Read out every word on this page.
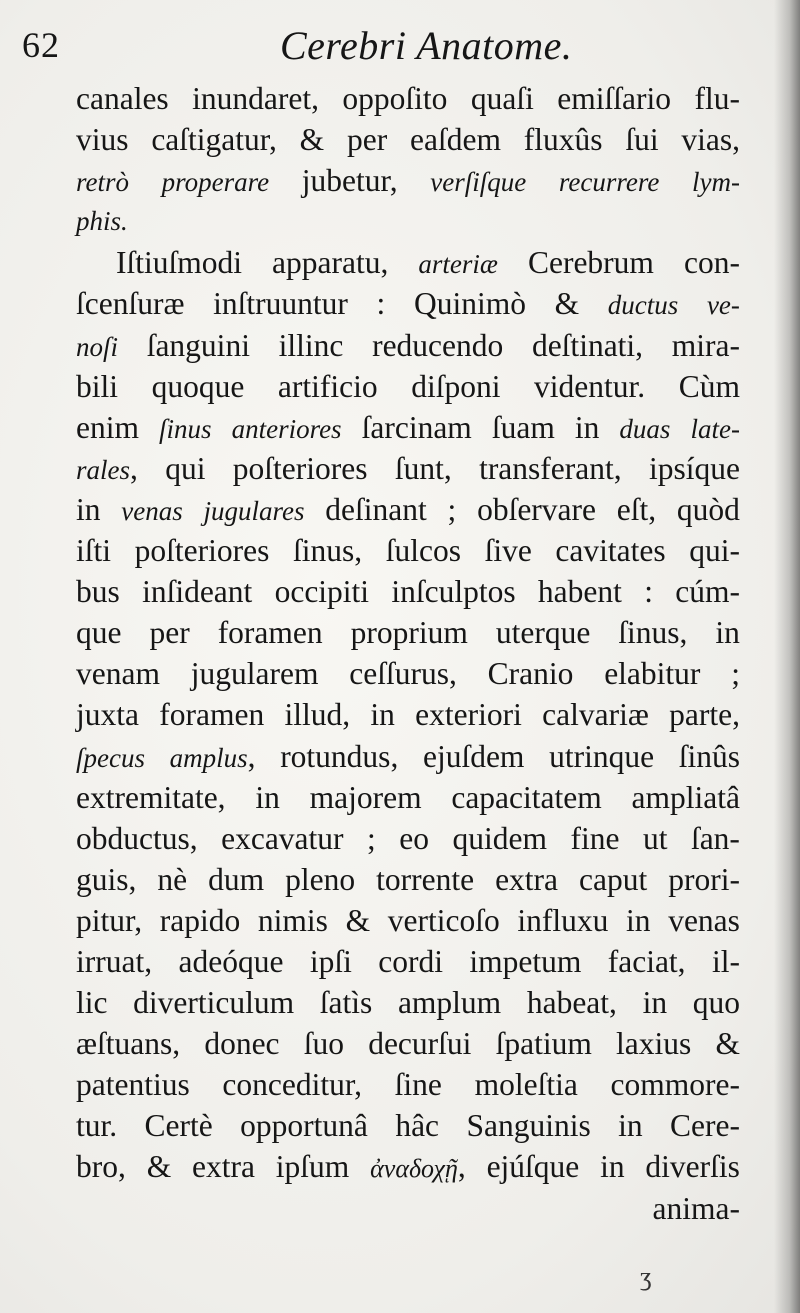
62	Cerebri Anatome.
canales inundaret, oppoſito quaſi emiſſario flu-
vius caſtigatur, & per eaſdem fluxûs ſui vias,
retrò properare jubetur, verſiſque recurrere lym-
phis.
Iſtiuſmodi apparatu, arteriæ Cerebrum con-
ſcenſuræ inſtruuntur : Quinimò & ductus ve-
noſi ſanguini illinc reducendo deſtinati, mira-
bili quoque artificio diſponi videntur. Cùm
enim ſinus anteriores ſarcinam ſuam in duas late-
rales, qui poſteriores ſunt, transferant, ipsíque
in venas jugulares deſinant ; obſervare eſt, quòd
iſti poſteriores ſinus, ſulcos ſive cavitates qui-
bus inſideant occipiti inſculptos habent : cúm-
que per foramen proprium uterque ſinus, in
venam jugularem ceſſurus, Cranio elabitur ;
juxta foramen illud, in exteriori calvariæ parte,
ſpecus amplus, rotundus, ejuſdem utrinque ſinûs
extremitate, in majorem capacitatem ampliatâ
obductus, excavatur ; eo quidem fine ut ſan-
guis, nè dum pleno torrente extra caput prori-
pitur, rapido nimis & verticoſo influxu in venas
irruat, adeóque ipſi cordi impetum faciat, il-
lic diverticulum ſatìs amplum habeat, in quo
æſtuans, donec ſuo decurſui ſpatium laxius &
patentius conceditur, ſine moleſtia commore-
tur. Certè opportunâ hâc Sanguinis in Cere-
bro, & extra ipſum ἀναδοχῇ, ejúſque in diverſis
anima-
ʒ
